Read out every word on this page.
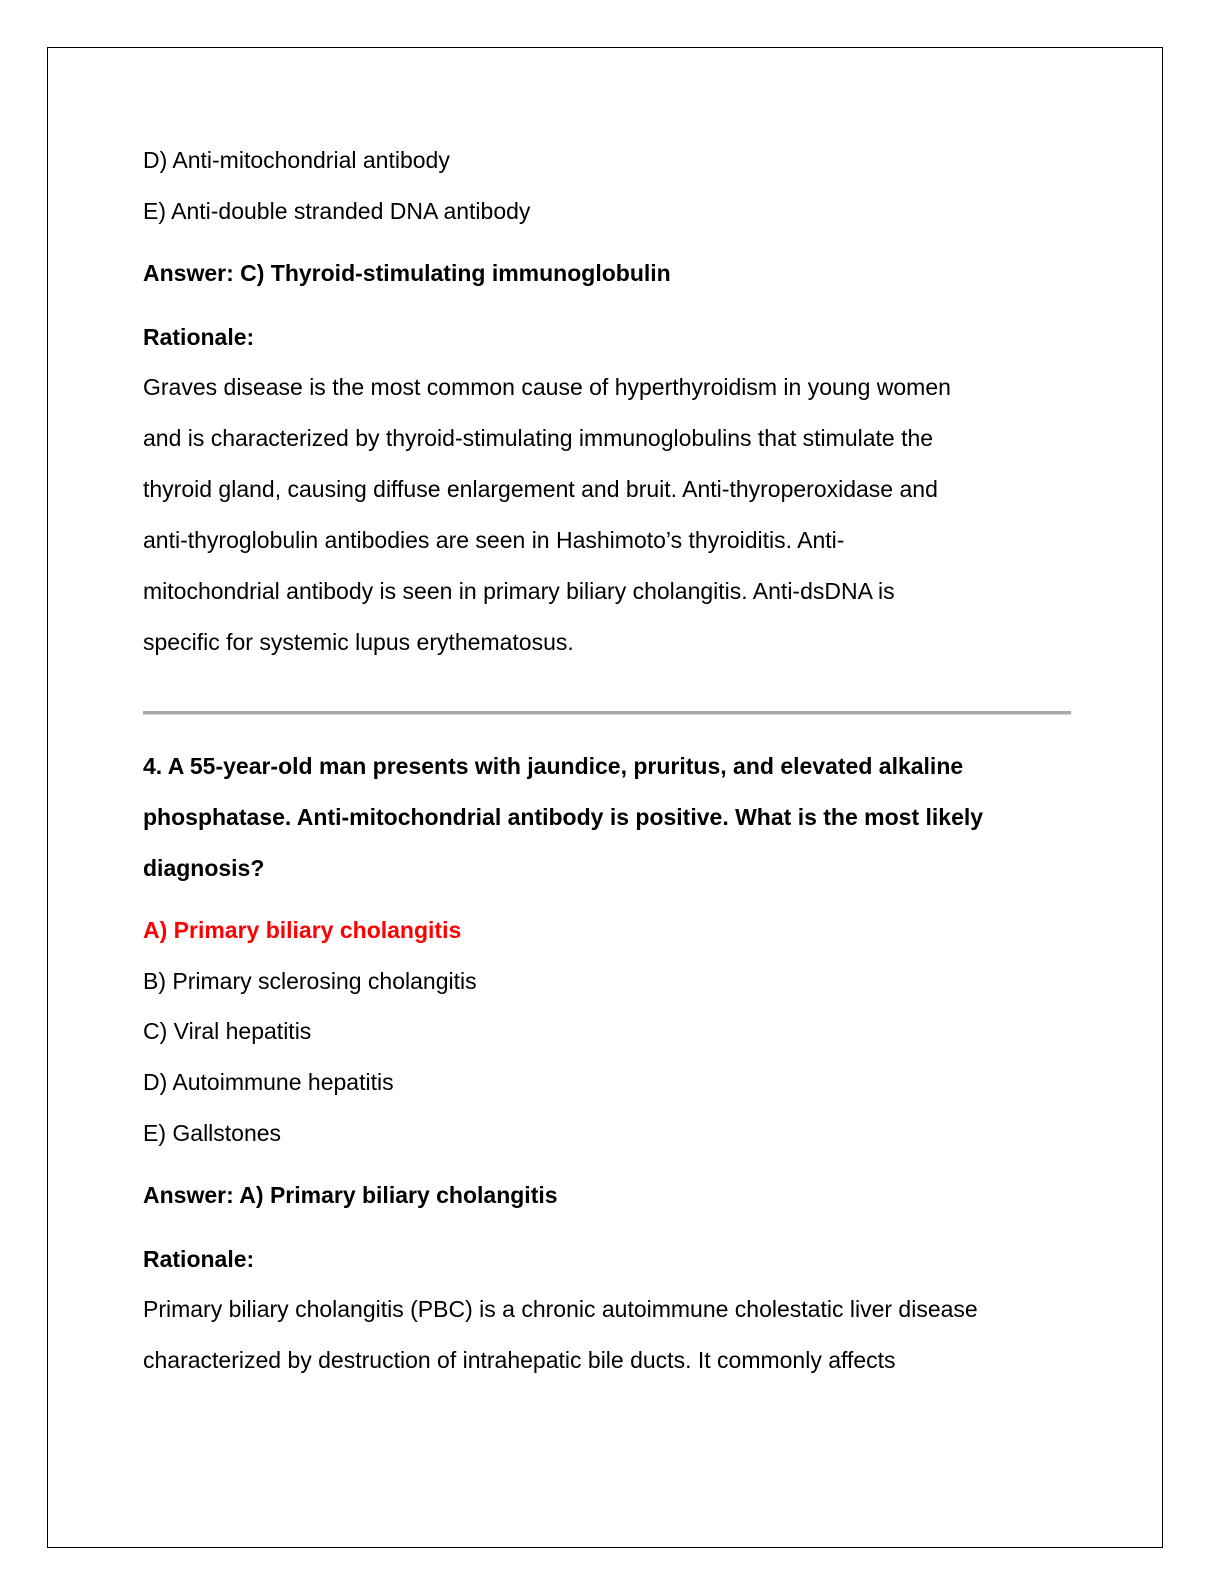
D) Anti-mitochondrial antibody
E) Anti-double stranded DNA antibody
Answer: C) Thyroid-stimulating immunoglobulin
Rationale:
Graves disease is the most common cause of hyperthyroidism in young women
and is characterized by thyroid-stimulating immunoglobulins that stimulate the
thyroid gland, causing diffuse enlargement and bruit. Anti-thyroperoxidase and
anti-thyroglobulin antibodies are seen in Hashimoto’s thyroiditis. Anti-
mitochondrial antibody is seen in primary biliary cholangitis. Anti-dsDNA is
specific for systemic lupus erythematosus.
4. A 55-year-old man presents with jaundice, pruritus, and elevated alkaline
phosphatase. Anti-mitochondrial antibody is positive. What is the most likely
diagnosis?
A) Primary biliary cholangitis
B) Primary sclerosing cholangitis
C) Viral hepatitis
D) Autoimmune hepatitis
E) Gallstones
Answer: A) Primary biliary cholangitis
Rationale:
Primary biliary cholangitis (PBC) is a chronic autoimmune cholestatic liver disease
characterized by destruction of intrahepatic bile ducts. It commonly affects
